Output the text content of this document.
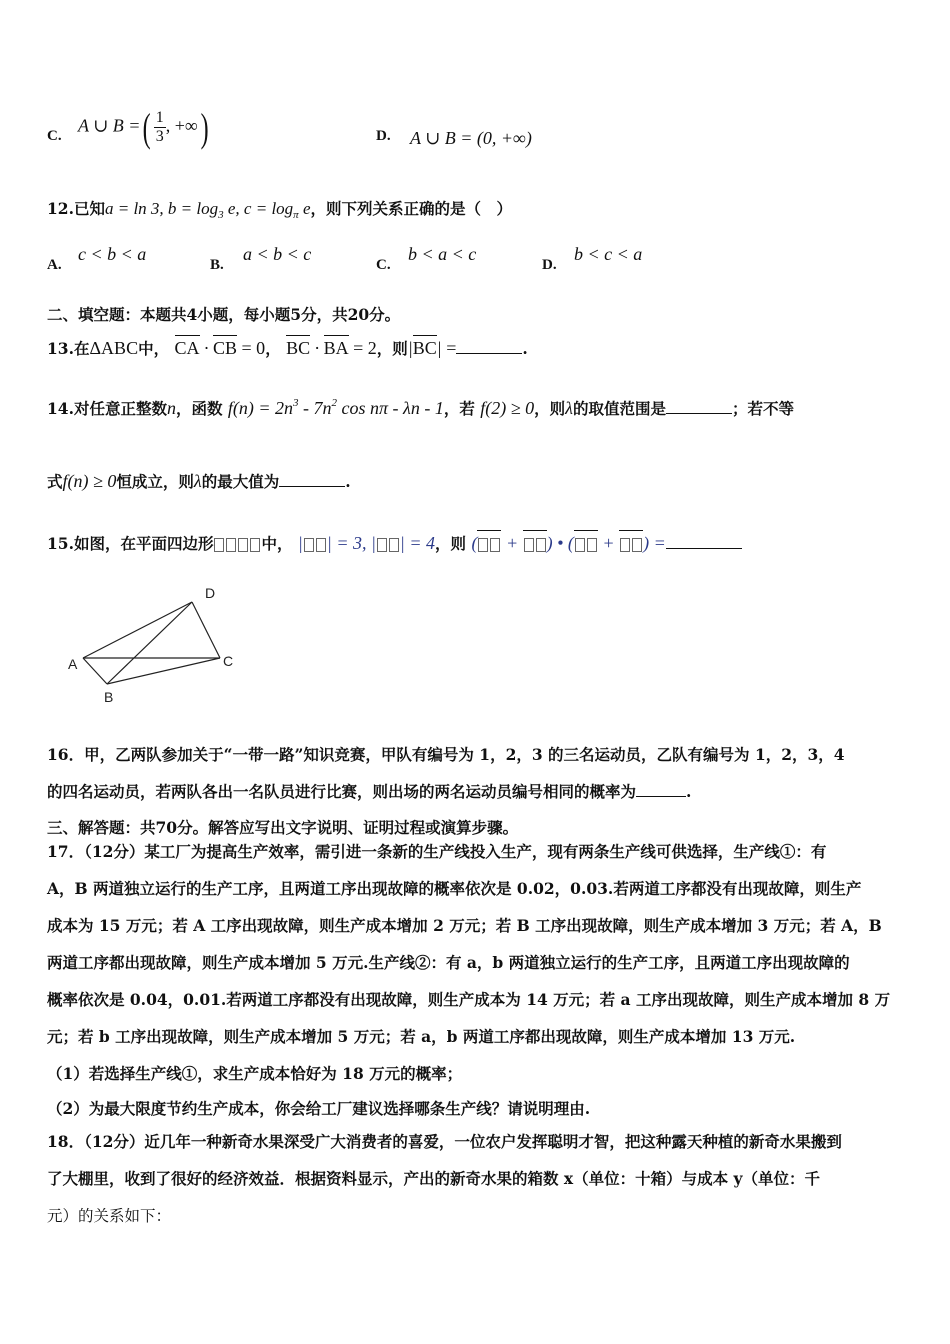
C.
A ∪ B =( $\frac{1}{3}$ , +∞)	D. A ∪ B = (0, +∞)
12.已知a = ln 3, $b = \log_3 e$, $c = \log_\pi e$，则下列关系正确的是（　）
A.
c < b < a
B.
a < b < c
C.
b < a < c
D.
b < c < a
二、填空题：本题共4小题，每小题5分，共20分。
13.在ΔABC中， CA · CB = 0， BC · BA = 2，则|BC| =	.
14.对任意正整数n，函数 $f(n) = 2n^3 - 7n^2$ cos nπ - λn - 1，若 f(2) ≥ 0，则λ的取值范围是	；若不等
式f(n) ≥ 0恒成立，则λ的最大值为	.
15.如图，在平面四边形	中， | | = 3, | | = 4，则 ( + ) • ( + ) =
A
B
C
D
16．甲，乙两队参加关于“一带一路”知识竞赛，甲队有编号为 1，2，3 的三名运动员，乙队有编号为 1，2，3，4
的四名运动员，若两队各出一名队员进行比赛，则出场的两名运动员编号相同的概率为	.
三、解答题：共70分。解答应写出文字说明、证明过程或演算步骤。
17．（12分）某工厂为提高生产效率，需引进一条新的生产线投入生产，现有两条生产线可供选择，生产线①：有
A，B 两道独立运行的生产工序，且两道工序出现故障的概率依次是 0.02，0.03.若两道工序都没有出现故障，则生产
成本为 15 万元；若 A 工序出现故障，则生产成本增加 2 万元；若 B 工序出现故障，则生产成本增加 3 万元；若 A，B
两道工序都出现故障，则生产成本增加 5 万元.生产线②：有 a，b 两道独立运行的生产工序，且两道工序出现故障的
概率依次是 0.04，0.01.若两道工序都没有出现故障，则生产成本为 14 万元；若 a 工序出现故障，则生产成本增加 8 万
元；若 b 工序出现故障，则生产成本增加 5 万元；若 a，b 两道工序都出现故障，则生产成本增加 13 万元.
（1）若选择生产线①，求生产成本恰好为 18 万元的概率；
（2）为最大限度节约生产成本，你会给工厂建议选择哪条生产线？请说明理由.
18．（12分）近几年一种新奇水果深受广大消费者的喜爱，一位农户发挥聪明才智，把这种露天种植的新奇水果搬到
了大棚里，收到了很好的经济效益．根据资料显示，产出的新奇水果的箱数 x（单位：十箱）与成本 y（单位：千
元）的关系如下：
